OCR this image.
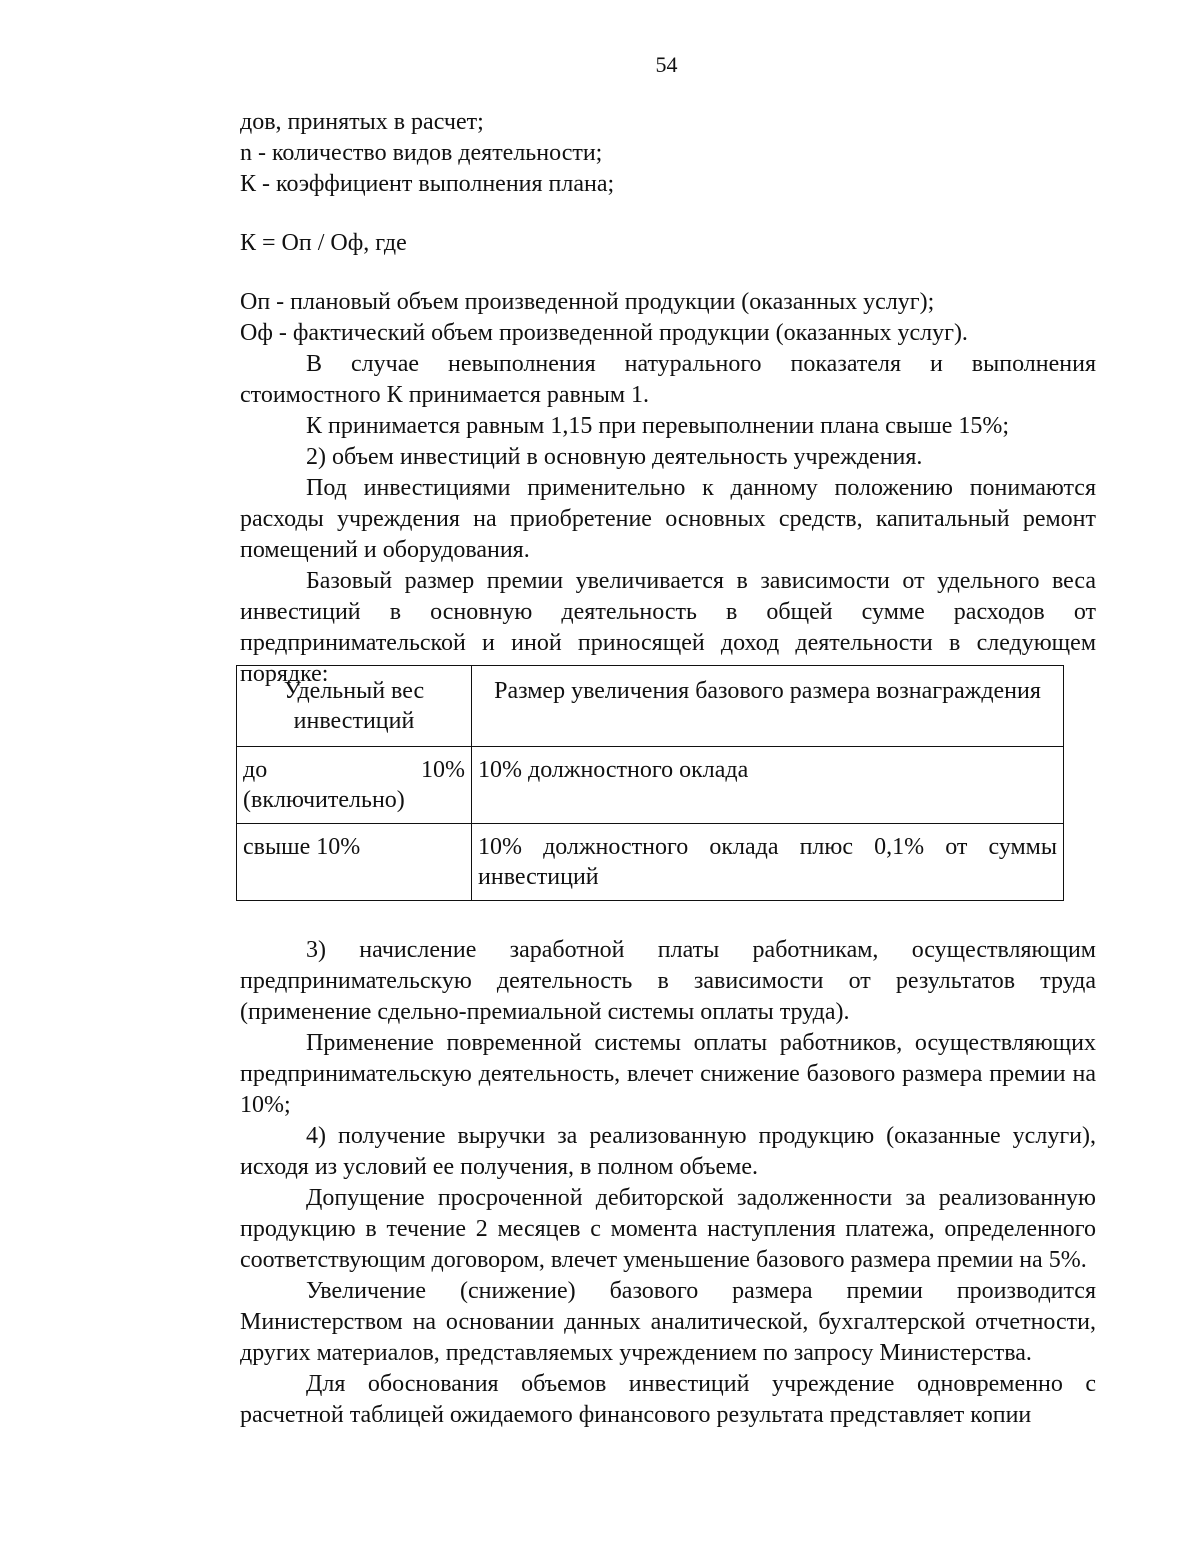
54
дов, принятых в расчет;
n - количество видов деятельности;
К - коэффициент выполнения плана;
К = Оп / Оф, где
Оп - плановый объем произведенной продукции (оказанных услуг);
Оф - фактический объем произведенной продукции (оказанных услуг).
В случае невыполнения натурального показателя и выполнения стоимостного К принимается равным 1.
К принимается равным 1,15 при перевыполнении плана свыше 15%;
2) объем инвестиций в основную деятельность учреждения.
Под инвестициями применительно к данному положению понимаются расходы учреждения на приобретение основных средств, капитальный ремонт помещений и оборудования.
Базовый размер премии увеличивается в зависимости от удельного веса инвестиций в основную деятельность в общей сумме расходов от предпринимательской и иной приносящей доход деятельности в следующем порядке:
Удельный вес инвестиций	Размер увеличения базового размера вознаграждения
до 10% (включительно)	10% должностного оклада
свыше 10%	10% должностного оклада плюс 0,1% от суммы инвестиций
3) начисление заработной платы работникам, осуществляющим предпринимательскую деятельность в зависимости от результатов труда (применение сдельно-премиальной системы оплаты труда).
Применение повременной системы оплаты работников, осуществляющих предпринимательскую деятельность, влечет снижение базового размера премии на 10%;
4) получение выручки за реализованную продукцию (оказанные услуги), исходя из условий ее получения, в полном объеме.
Допущение просроченной дебиторской задолженности за реализованную продукцию в течение 2 месяцев с момента наступления платежа, определенного соответствующим договором, влечет уменьшение базового размера премии на 5%.
Увеличение (снижение) базового размера премии производится Министерством на основании данных аналитической, бухгалтерской отчетности, других материалов, представляемых учреждением по запросу Министерства.
Для обоснования объемов инвестиций учреждение одновременно с расчетной таблицей ожидаемого финансового результата представляет копии
